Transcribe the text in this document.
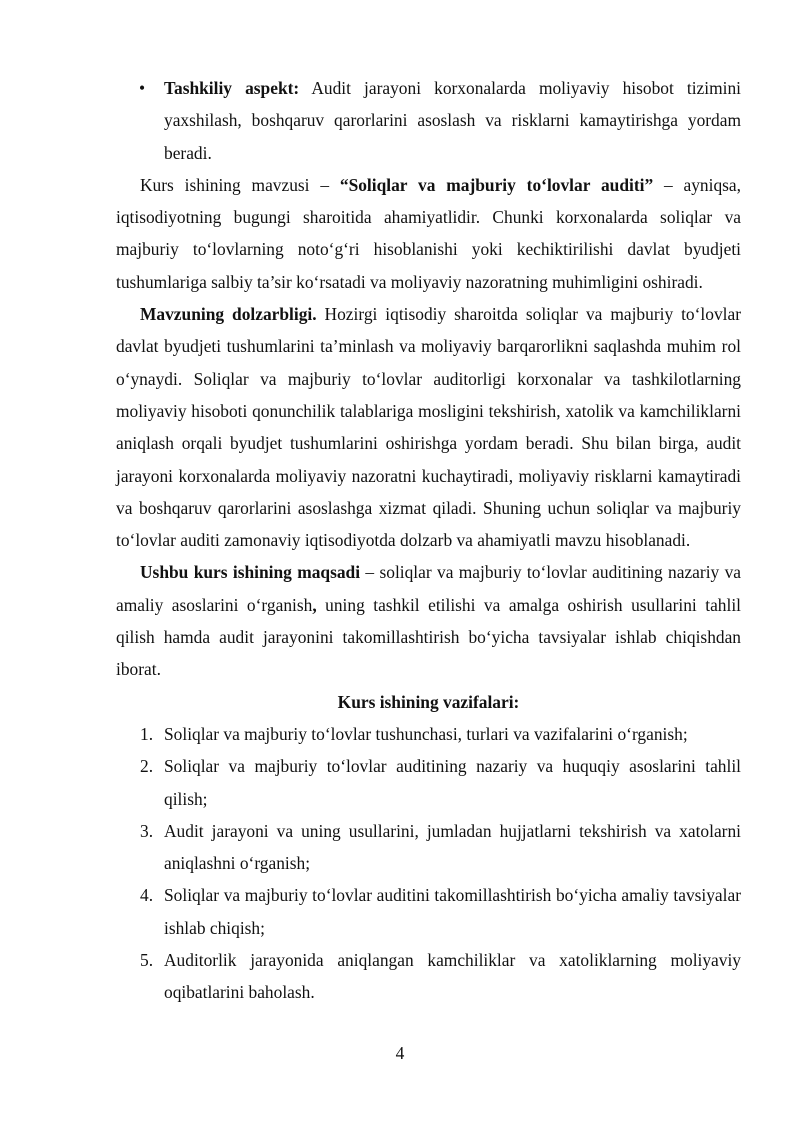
• Tashkiliy aspekt: Audit jarayoni korxonalarda moliyaviy hisobot tizimini yaxshilash, boshqaruv qarorlarini asoslash va risklarni kamaytirishga yordam beradi.

Kurs ishining mavzusi – “Soliqlar va majburiy to‘lovlar auditi” – ayniqsa, iqtisodiyotning bugungi sharoitida ahamiyatlidir. Chunki korxonalarda soliqlar va majburiy to‘lovlarning noto‘g‘ri hisoblanishi yoki kechiktirilishi davlat byudjeti tushumlariga salbiy ta’sir ko‘rsatadi va moliyaviy nazoratning muhimligini oshiradi.

Mavzuning dolzarbligi. Hozirgi iqtisodiy sharoitda soliqlar va majburiy to‘lovlar davlat byudjeti tushumlarini ta’minlash va moliyaviy barqarorlikni saqlashda muhim rol o‘ynaydi. Soliqlar va majburiy to‘lovlar auditorligi korxonalar va tashkilotlarning moliyaviy hisoboti qonunchilik talablariga mosligini tekshirish, xatolik va kamchiliklarni aniqlash orqali byudjet tushumlarini oshirishga yordam beradi. Shu bilan birga, audit jarayoni korxonalarda moliyaviy nazoratni kuchaytiradi, moliyaviy risklarni kamaytiradi va boshqaruv qarorlarini asoslashga xizmat qiladi. Shuning uchun soliqlar va majburiy to‘lovlar auditi zamonaviy iqtisodiyotda dolzarb va ahamiyatli mavzu hisoblanadi.

Ushbu kurs ishining maqsadi – soliqlar va majburiy to‘lovlar auditining nazariy va amaliy asoslarini o‘rganish, uning tashkil etilishi va amalga oshirish usullarini tahlil qilish hamda audit jarayonini takomillashtirish bo‘yicha tavsiyalar ishlab chiqishdan iborat.

Kurs ishining vazifalari:

1. Soliqlar va majburiy to‘lovlar tushunchasi, turlari va vazifalarini o‘rganish;

2. Soliqlar va majburiy to‘lovlar auditining nazariy va huquqiy asoslarini tahlil qilish;

3. Audit jarayoni va uning usullarini, jumladan hujjatlarni tekshirish va xatolarni aniqlashni o‘rganish;

4. Soliqlar va majburiy to‘lovlar auditini takomillashtirish bo‘yicha amaliy tavsiyalar ishlab chiqish;

5. Auditorlik jarayonida aniqlangan kamchiliklar va xatoliklarning moliyaviy oqibatlarini baholash.

4
